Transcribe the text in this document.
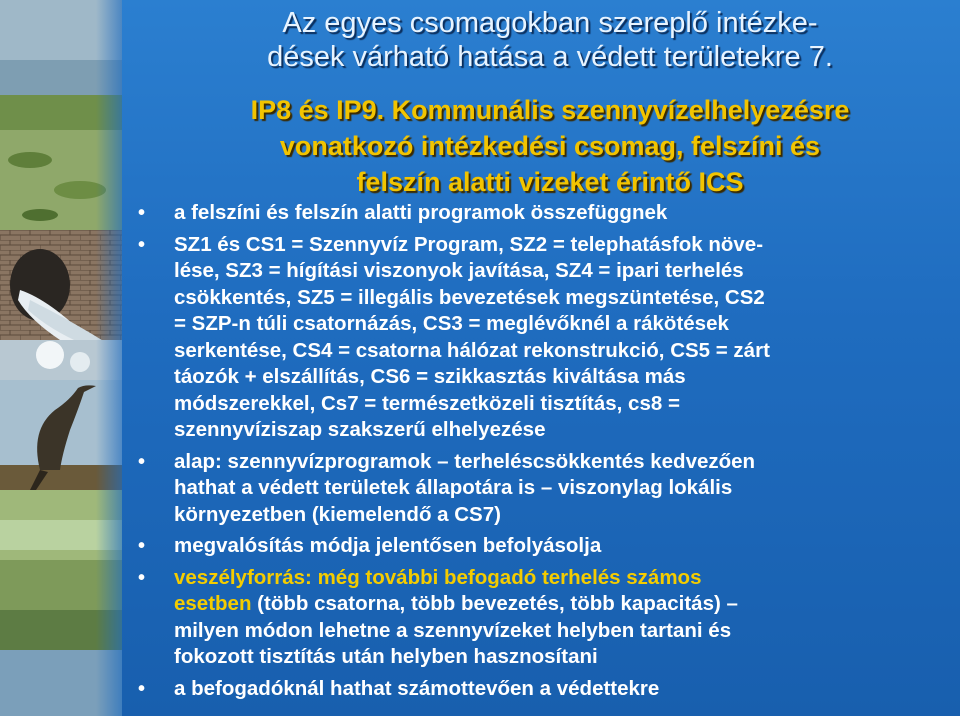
Az egyes csomagokban szereplő intézke-
dések várható hatása a védett területekre 7.
IP8 és IP9. Kommunális szennyvízelhelyezésre
vonatkozó intézkedési csomag, felszíni és
felszín alatti vizeket érintő ICS
• a felszíni és felszín alatti programok összefüggnek
• SZ1 és CS1 = Szennyvíz Program, SZ2 = telephatásfok növe-
lése, SZ3 = hígítási viszonyok javítása, SZ4 = ipari terhelés
csökkentés, SZ5 = illegális bevezetések megszüntetése, CS2
= SZP-n túli csatornázás, CS3 = meglévőknél a rákötések
serkentése, CS4 = csatorna hálózat rekonstrukció, CS5 = zárt
táozók + elszállítás, CS6 = szikkasztás kiváltása más
módszerekkel, Cs7 = természetközeli tisztítás, cs8 =
szennyvíziszap szakszerű elhelyezése
• alap: szennyvízprogramok – terheléscsökkentés kedvezően
hathat a védett területek állapotára is – viszonylag lokális
környezetben (kiemelendő a CS7)
• megvalósítás módja jelentősen befolyásolja
• veszélyforrás: még további befogadó terhelés számos
esetben (több csatorna, több bevezetés, több kapacitás) –
milyen módon lehetne a szennyvízeket helyben tartani és
fokozott tisztítás után helyben hasznosítani
• a befogadóknál hathat számottevően a védettekre
